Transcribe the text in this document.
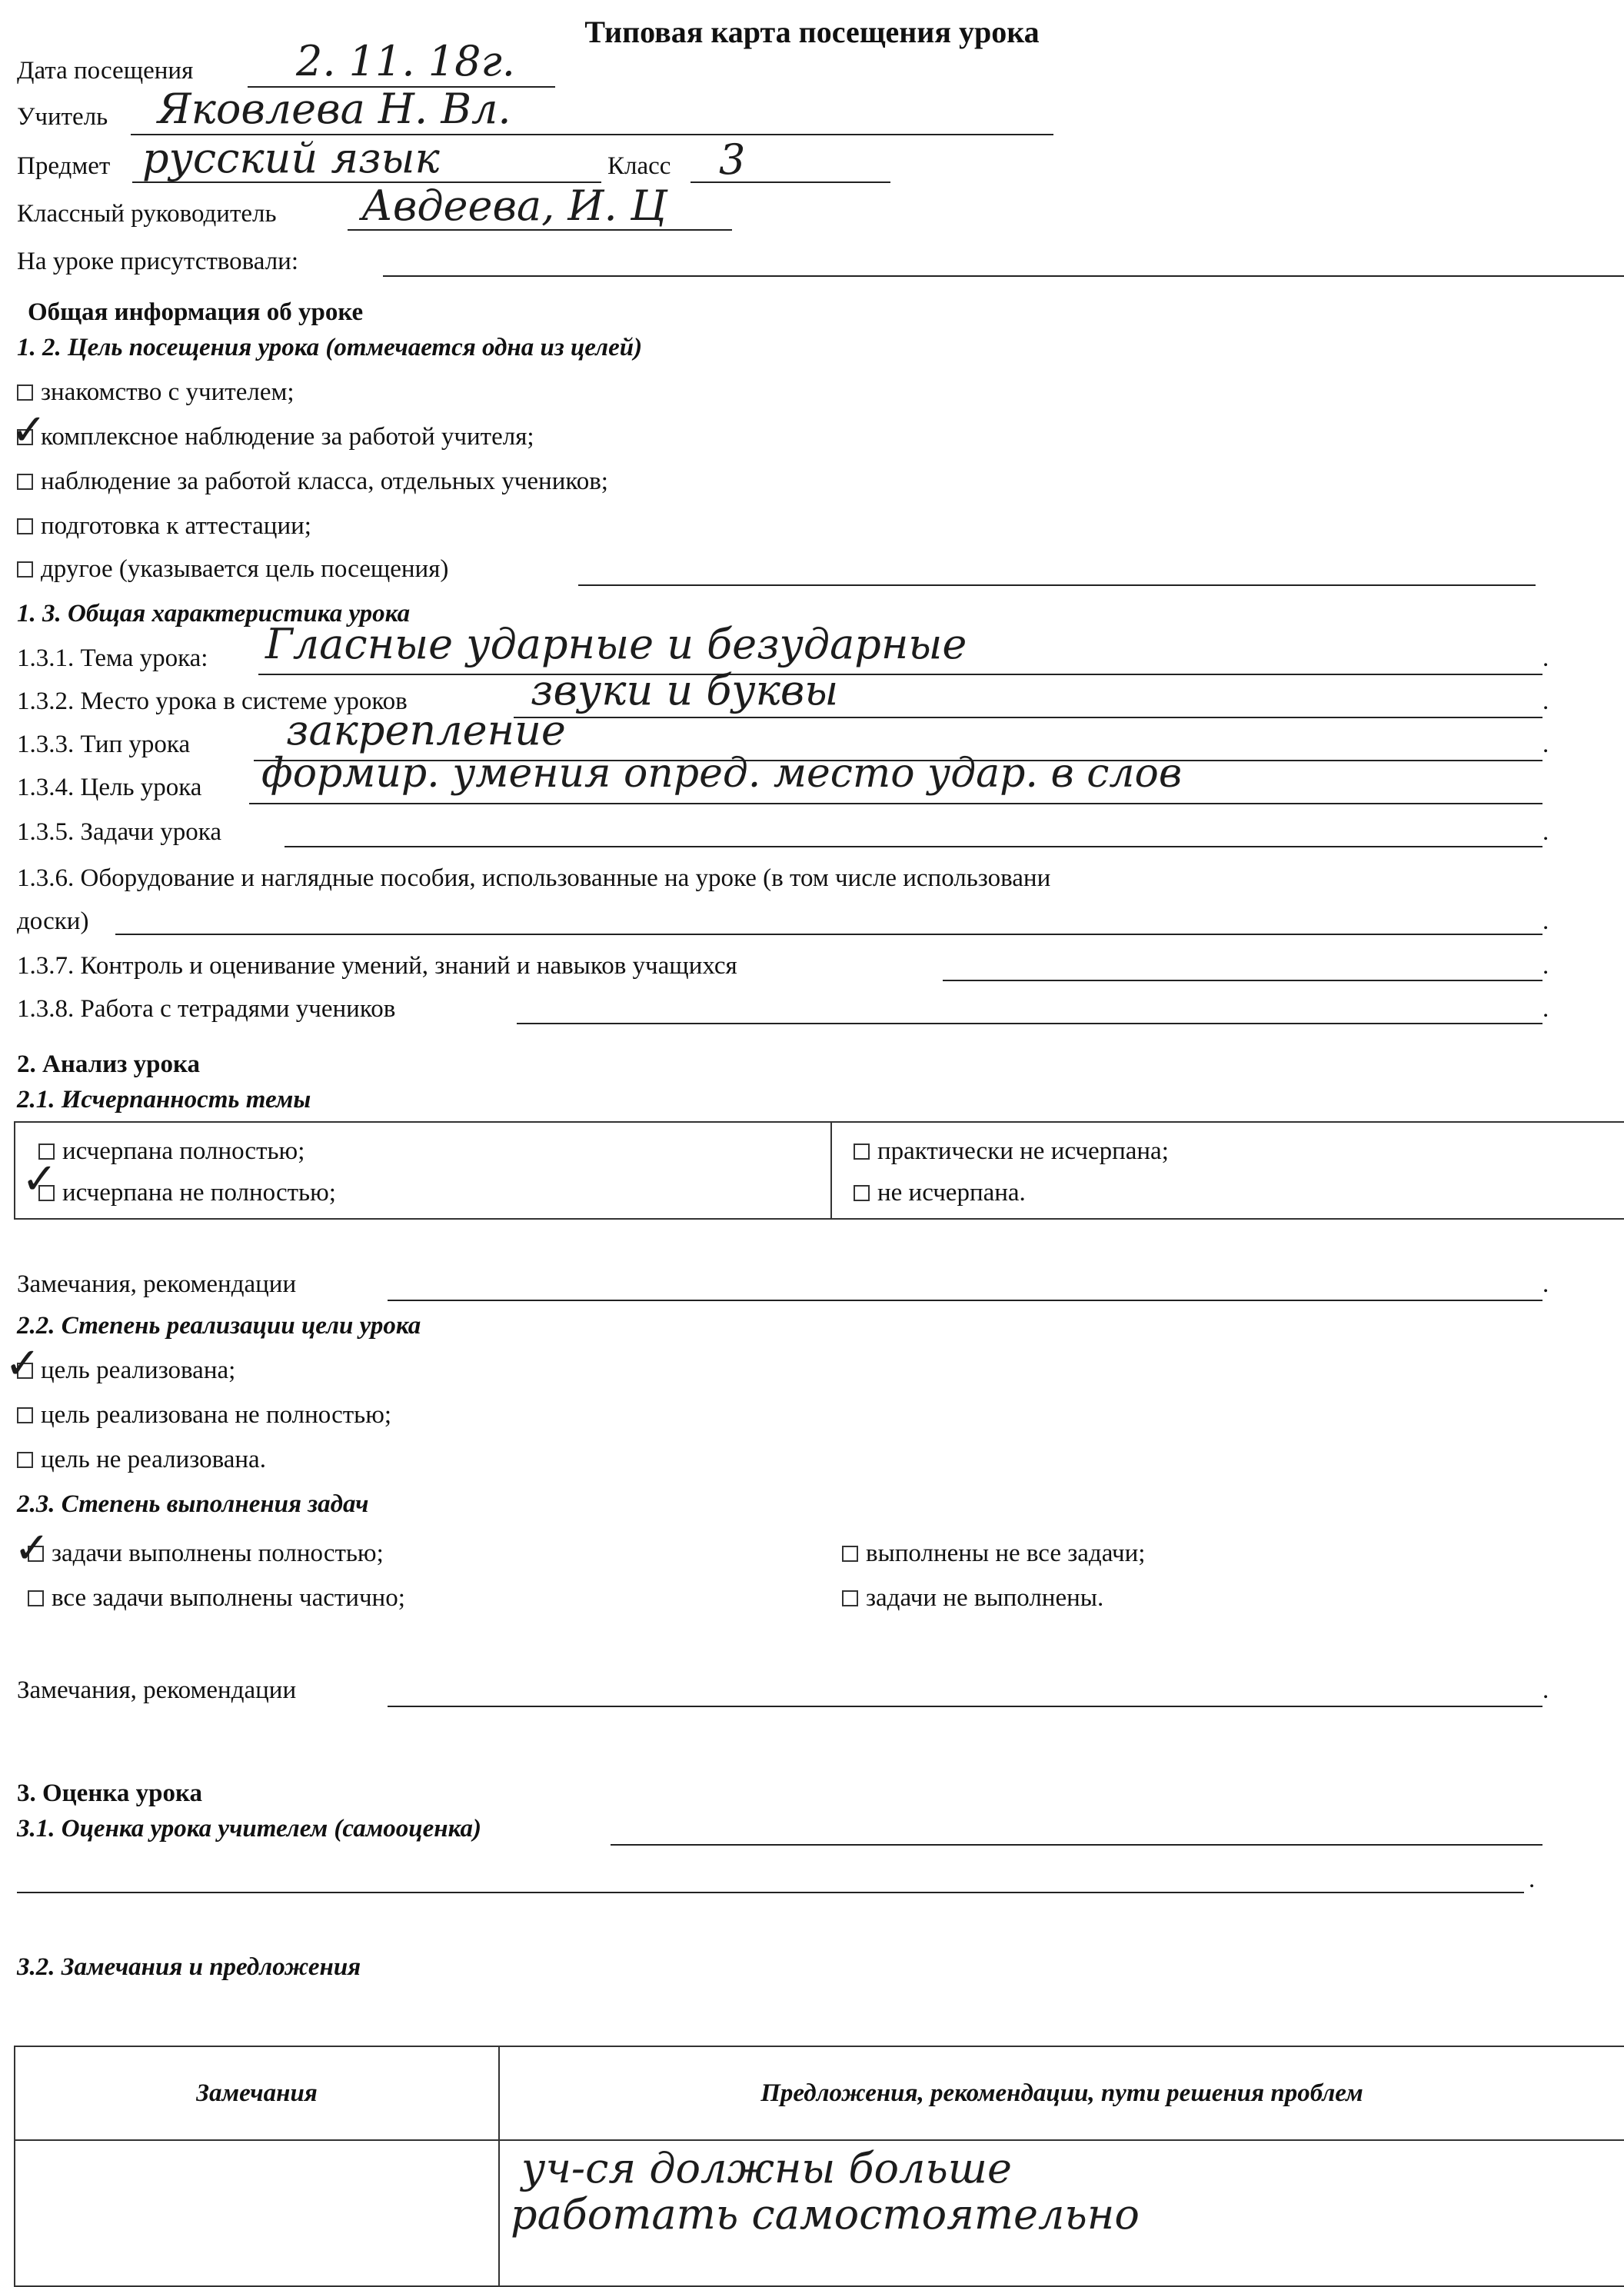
Типовая карта посещения урока
Дата посещения 2. 11. 18г.
Учитель Яковлева Н. Вл.
Предмет русский язык	Класс 3
Классный руководитель Авдеева, И. Ц
На уроке присутствовали:
Общая информация об уроке
1. 2. Цель посещения урока (отмечается одна из целей)
знакомство с учителем;
комплексное наблюдение за работой учителя;
✓
наблюдение за работой класса, отдельных учеников;
подготовка к аттестации;
другое (указывается цель посещения)
1. 3. Общая характеристика урока
1.3.1. Тема урока: Гласные ударные и безударные	.
1.3.2. Место урока в системе уроков	звуки и буквы	.
1.3.3. Тип урока закрепление	.
1.3.4. Цель урока формир. умения опред. место удар. в слов
1.3.5. Задачи урока	.
1.3.6. Оборудование и наглядные пособия, использованные на уроке (в том числе использовани
доски)	.
1.3.7. Контроль и оценивание умений, знаний и навыков учащихся	.
1.3.8. Работа с тетрадями учеников	.
2. Анализ урока
2.1. Исчерпанность темы
исчерпана полностью;
исчерпана не полностью;

практически не исчерпана;
не исчерпана.
✓
Замечания, рекомендации	.
2.2. Степень реализации цели урока
цель реализована;
✓
цель реализована не полностью;
цель не реализована.
2.3. Степень выполнения задач
задачи выполнены полностью;
✓
все задачи выполнены частично;
выполнены не все задачи;
задачи не выполнены.
Замечания, рекомендации	.
3. Оценка урока
3.1. Оценка урока учителем (самооценка)
.
3.2. Замечания и предложения
Замечания	Предложения, рекомендации, пути решения проблем

	уч-ся должны больше
работать самостоятельно
